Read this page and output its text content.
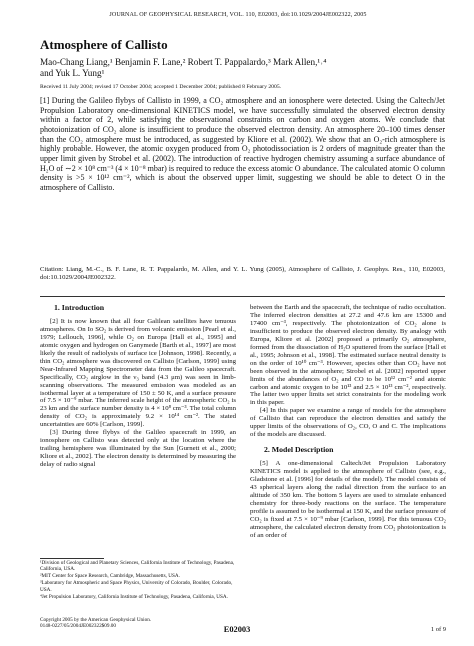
JOURNAL OF GEOPHYSICAL RESEARCH, VOL. 110, E02003, doi:10.1029/2004JE002322, 2005
Atmosphere of Callisto
Mao-Chang Liang,¹ Benjamin F. Lane,² Robert T. Pappalardo,³ Mark Allen,¹˒⁴
and Yuk L. Yung¹
Received 11 July 2004; revised 17 October 2004; accepted 1 December 2004; published 8 February 2005.
[1] During the Galileo flybys of Callisto in 1999, a CO₂ atmosphere and an ionosphere were detected. Using the Caltech/Jet Propulsion Laboratory one-dimensional KINETICS model, we have successfully simulated the observed electron density within a factor of 2, while satisfying the observational constraints on carbon and oxygen atoms. We conclude that photoionization of CO₂ alone is insufficient to produce the observed electron density. An atmosphere 20–100 times denser than the CO₂ atmosphere must be introduced, as suggested by Kliore et al. (2002). We show that an O₂-rich atmosphere is highly probable. However, the atomic oxygen produced from O₂ photodissociation is 2 orders of magnitude greater than the upper limit given by Strobel et al. (2002). The introduction of reactive hydrogen chemistry assuming a surface abundance of H₂O of ∼2 × 10⁸ cm⁻³ (4 × 10⁻⁸ mbar) is required to reduce the excess atomic O abundance. The calculated atomic O column density is >5 × 10¹² cm⁻², which is about the observed upper limit, suggesting we should be able to detect O in the atmosphere of Callisto.
Citation: Liang, M.-C., B. F. Lane, R. T. Pappalardo, M. Allen, and Y. L. Yung (2005), Atmosphere of Callisto, J. Geophys. Res., 110, E02003, doi:10.1029/2004JE002322.
1. Introduction

[2] It is now known that all four Galilean satellites have tenuous atmospheres. On Io SO₂ is derived from volcanic emission [Pearl et al., 1979; Lellouch, 1996], while O₂ on Europa [Hall et al., 1995] and atomic oxygen and hydrogen on Ganymede [Barth et al., 1997] are most likely the result of radiolysis of surface ice [Johnson, 1998]. Recently, a thin CO₂ atmosphere was discovered on Callisto [Carlson, 1999] using Near-Infrared Mapping Spectrometer data from the Galileo spacecraft. Specifically, CO₂ airglow in the ν₃ band (4.3 μm) was seen in limb-scanning observations. The measured emission was modeled as an isothermal layer at a temperature of 150 ± 50 K, and a surface pressure of 7.5 × 10⁻⁹ mbar. The inferred scale height of the atmospheric CO₂ is 23 km and the surface number density is 4 × 10⁸ cm⁻³. The total column density of CO₂ is approximately 9.2 × 10¹⁴ cm⁻². The stated uncertainties are 60% [Carlson, 1999].

[3] During three flybys of the Galileo spacecraft in 1999, an ionosphere on Callisto was detected only at the location where the trailing hemisphere was illuminated by the Sun [Gurnett et al., 2000; Kliore et al., 2002]. The electron density is determined by measuring the delay of radio signal

between the Earth and the spacecraft, the technique of radio occultation. The inferred electron densities at 27.2 and 47.6 km are 15300 and 17400 cm⁻³, respectively. The photoionization of CO₂ alone is insufficient to produce the observed electron density. By analogy with Europa, Kliore et al. [2002] proposed a primarily O₂ atmosphere, formed from the dissociation of H₂O sputtered from the surface [Hall et al., 1995; Johnson et al., 1998]. The estimated surface neutral density is on the order of 10¹⁰ cm⁻³. However, species other than CO₂ have not been observed in the atmosphere; Strobel et al. [2002] reported upper limits of the abundances of O₂ and CO to be 10¹² cm⁻² and atomic carbon and atomic oxygen to be 10¹³ and 2.5 × 10¹³ cm⁻², respectively. The latter two upper limits set strict constraints for the modeling work in this paper.

[4] In this paper we examine a range of models for the atmosphere of Callisto that can reproduce the electron densities and satisfy the upper limits of the observations of O₂, CO, O and C. The implications of the models are discussed.

2. Model Description

[5] A one-dimensional Caltech/Jet Propulsion Laboratory KINETICS model is applied to the atmosphere of Callisto (see, e.g., Gladstone et al. [1996] for details of the model). The model consists of 43 spherical layers along the radial direction from the surface to an altitude of 350 km. The bottom 5 layers are used to simulate enhanced chemistry for three-body reactions on the surface. The temperature profile is assumed to be isothermal at 150 K, and the surface pressure of CO₂ is fixed at 7.5 × 10⁻⁹ mbar [Carlson, 1999]. For this tenuous CO₂ atmosphere, the calculated electron density from CO₂ photoionization is of an order of

¹Division of Geological and Planetary Sciences, California Institute of Technology, Pasadena, California, USA.
²MIT Center for Space Research, Cambridge, Massachusetts, USA.
³Laboratory for Atmospheric and Space Physics, University of Colorado, Boulder, Colorado, USA.
⁴Jet Propulsion Laboratory, California Institute of Technology, Pasadena, California, USA.
Copyright 2005 by the American Geophysical Union.
0148-0227/05/2004JE002322$09.00	E02003	1 of 9
